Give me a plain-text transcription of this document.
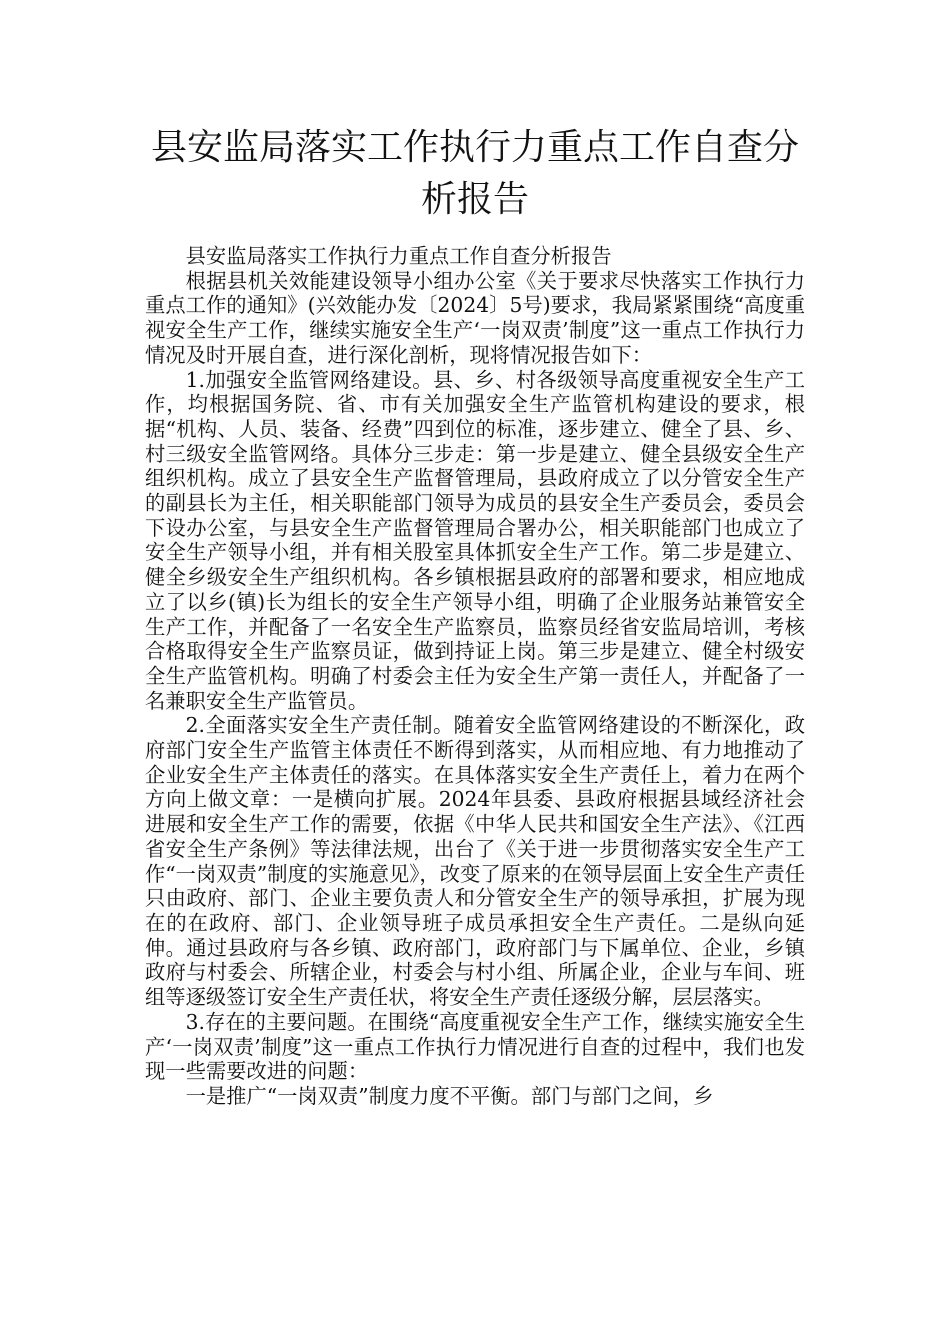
县安监局落实工作执行力重点工作自查分析报告

县安监局落实工作执行力重点工作自查分析报告

根据县机关效能建设领导小组办公室《关于要求尽快落实工作执行力重点工作的通知》(兴效能办发〔2024〕5号)要求，我局紧紧围绕“高度重视安全生产工作，继续实施安全生产‘一岗双责’制度”这一重点工作执行力情况及时开展自查，进行深化剖析，现将情况报告如下：

1.加强安全监管网络建设。县、乡、村各级领导高度重视安全生产工作，均根据国务院、省、市有关加强安全生产监管机构建设的要求，根据“机构、人员、装备、经费”四到位的标准，逐步建立、健全了县、乡、村三级安全监管网络。具体分三步走：第一步是建立、健全县级安全生产组织机构。成立了县安全生产监督管理局，县政府成立了以分管安全生产的副县长为主任，相关职能部门领导为成员的县安全生产委员会，委员会下设办公室，与县安全生产监督管理局合署办公，相关职能部门也成立了安全生产领导小组，并有相关股室具体抓安全生产工作。第二步是建立、健全乡级安全生产组织机构。各乡镇根据县政府的部署和要求，相应地成立了以乡(镇)长为组长的安全生产领导小组，明确了企业服务站兼管安全生产工作，并配备了一名安全生产监察员，监察员经省安监局培训，考核合格取得安全生产监察员证，做到持证上岗。第三步是建立、健全村级安全生产监管机构。明确了村委会主任为安全生产第一责任人，并配备了一名兼职安全生产监管员。

2.全面落实安全生产责任制。随着安全监管网络建设的不断深化，政府部门安全生产监管主体责任不断得到落实，从而相应地、有力地推动了企业安全生产主体责任的落实。在具体落实安全生产责任上，着力在两个方向上做文章：一是横向扩展。2024年县委、县政府根据县域经济社会进展和安全生产工作的需要，依据《中华人民共和国安全生产法》、《江西省安全生产条例》等法律法规，出台了《关于进一步贯彻落实安全生产工作“一岗双责”制度的实施意见》，改变了原来的在领导层面上安全生产责任只由政府、部门、企业主要负责人和分管安全生产的领导承担，扩展为现在的在政府、部门、企业领导班子成员承担安全生产责任。二是纵向延伸。通过县政府与各乡镇、政府部门，政府部门与下属单位、企业，乡镇政府与村委会、所辖企业，村委会与村小组、所属企业，企业与车间、班组等逐级签订安全生产责任状，将安全生产责任逐级分解，层层落实。

3.存在的主要问题。在围绕“高度重视安全生产工作，继续实施安全生产‘一岗双责’制度”这一重点工作执行力情况进行自查的过程中，我们也发现一些需要改进的问题：

一是推广“一岗双责”制度力度不平衡。部门与部门之间，乡
